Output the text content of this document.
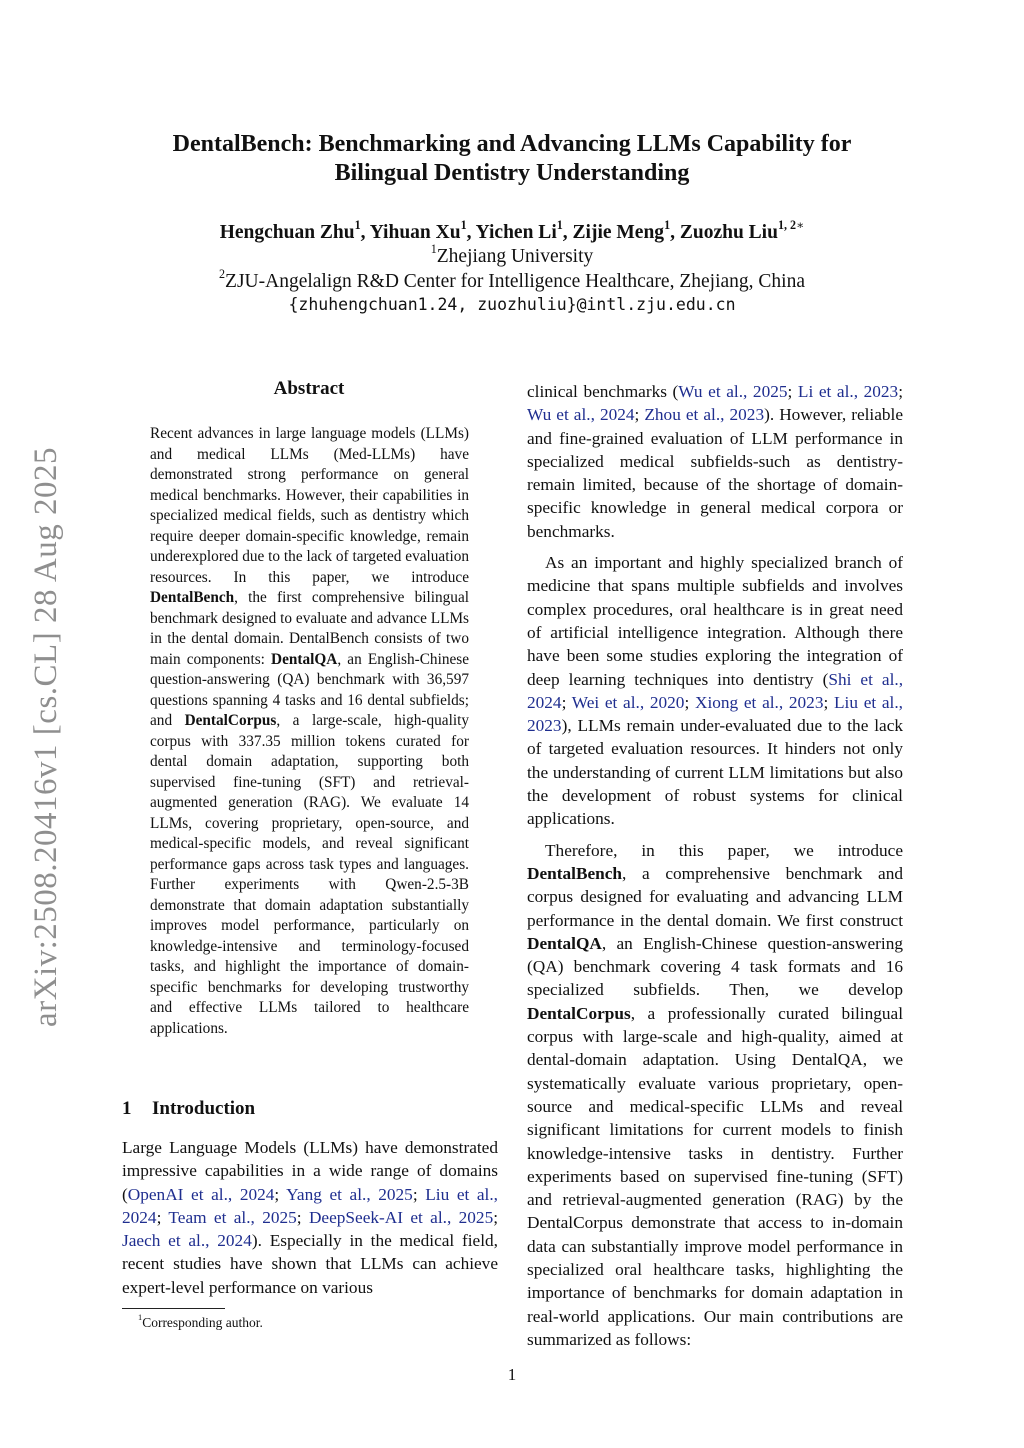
DentalBench: Benchmarking and Advancing LLMs Capability for
Bilingual Dentistry Understanding
Hengchuan Zhu$^1$, Yihuan Xu$^1$, Yichen Li$^1$, Zijie Meng$^1$, Zuozhu Liu$^{1, 2∗}$
$^1$Zhejiang University
$^2$ZJU-Angelalign R&D Center for Intelligence Healthcare, Zhejiang, China
{zhuhengchuan1.24, zuozhuliu}@intl.zju.edu.cn
arXiv:2508.20416v1 [cs.CL] 28 Aug 2025
Abstract

Recent advances in large language models (LLMs) and medical LLMs (Med-LLMs) have demonstrated strong performance on general medical benchmarks. However, their capabilities in specialized medical fields, such as dentistry which require deeper domain-specific knowledge, remain underexplored due to the lack of targeted evaluation resources. In this paper, we introduce DentalBench, the first comprehensive bilingual benchmark designed to evaluate and advance LLMs in the dental domain. DentalBench consists of two main components: DentalQA, an English-Chinese question-answering (QA) benchmark with 36,597 questions spanning 4 tasks and 16 dental subfields; and DentalCorpus, a large-scale, high-quality corpus with 337.35 million tokens curated for dental domain adaptation, supporting both supervised fine-tuning (SFT) and retrieval-augmented generation (RAG). We evaluate 14 LLMs, covering proprietary, open-source, and medical-specific models, and reveal significant performance gaps across task types and languages. Further experiments with Qwen-2.5-3B demonstrate that domain adaptation substantially improves model performance, particularly on knowledge-intensive and terminology-focused tasks, and highlight the importance of domain-specific benchmarks for developing trustworthy and effective LLMs tailored to healthcare applications.

1 Introduction

Large Language Models (LLMs) have demonstrated impressive capabilities in a wide range of domains (OpenAI et al., 2024; Yang et al., 2025; Liu et al., 2024; Team et al., 2025; DeepSeek-AI et al., 2025; Jaech et al., 2024). Especially in the medical field, recent studies have shown that LLMs can achieve expert-level performance on various

$^1$Corresponding author.

clinical benchmarks (Wu et al., 2025; Li et al., 2023; Wu et al., 2024; Zhou et al., 2023). However, reliable and fine-grained evaluation of LLM performance in specialized medical subfields-such as dentistry-remain limited, because of the shortage of domain-specific knowledge in general medical corpora or benchmarks.

As an important and highly specialized branch of medicine that spans multiple subfields and involves complex procedures, oral healthcare is in great need of artificial intelligence integration. Although there have been some studies exploring the integration of deep learning techniques into dentistry (Shi et al., 2024; Wei et al., 2020; Xiong et al., 2023; Liu et al., 2023), LLMs remain under-evaluated due to the lack of targeted evaluation resources. It hinders not only the understanding of current LLM limitations but also the development of robust systems for clinical applications.

Therefore, in this paper, we introduce DentalBench, a comprehensive benchmark and corpus designed for evaluating and advancing LLM performance in the dental domain. We first construct DentalQA, an English-Chinese question-answering (QA) benchmark covering 4 task formats and 16 specialized subfields. Then, we develop DentalCorpus, a professionally curated bilingual corpus with large-scale and high-quality, aimed at dental-domain adaptation. Using DentalQA, we systematically evaluate various proprietary, open-source and medical-specific LLMs and reveal significant limitations for current models to finish knowledge-intensive tasks in dentistry. Further experiments based on supervised fine-tuning (SFT) and retrieval-augmented generation (RAG) by the DentalCorpus demonstrate that access to in-domain data can substantially improve model performance in specialized oral healthcare tasks, highlighting the importance of benchmarks for domain adaptation in real-world applications. Our main contributions are summarized as follows:

1
